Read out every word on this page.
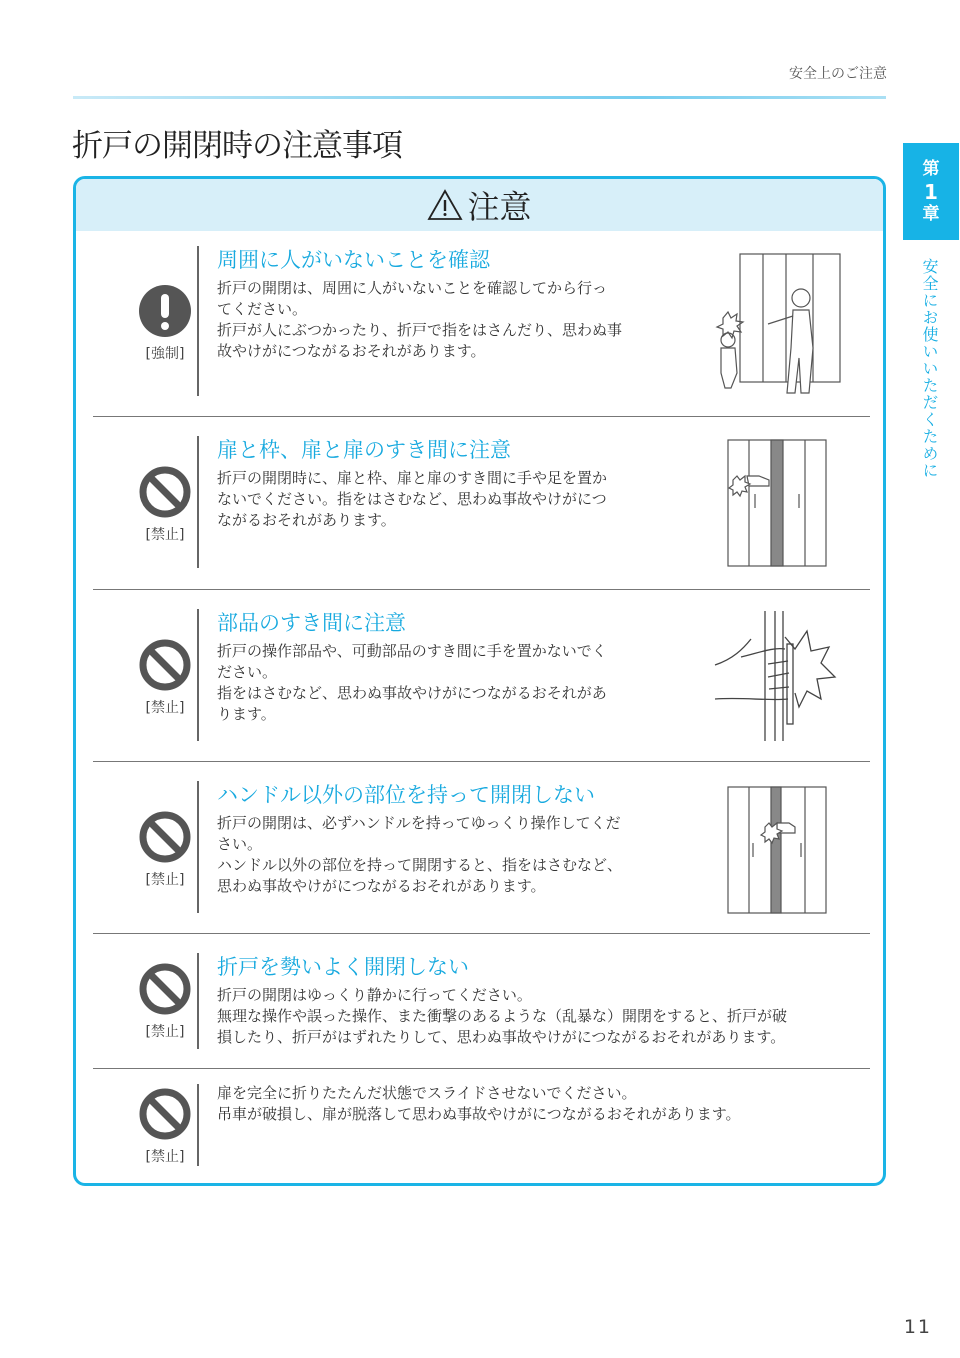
安全上のご注意
折戸の開閉時の注意事項
第
1
章
安全にお使いいただくために
注意
[強制]
周囲に人がいないことを確認
折戸の開閉は、周囲に人がいないことを確認してから行っ
てください。
折戸が人にぶつかったり、折戸で指をはさんだり、思わぬ事
故やけがにつながるおそれがあります。
[禁止]
扉と枠、扉と扉のすき間に注意
折戸の開閉時に、扉と枠、扉と扉のすき間に手や足を置か
ないでください。指をはさむなど、思わぬ事故やけがにつ
ながるおそれがあります。
[禁止]
部品のすき間に注意
折戸の操作部品や、可動部品のすき間に手を置かないでく
ださい。
指をはさむなど、思わぬ事故やけがにつながるおそれがあ
ります。
[禁止]
ハンドル以外の部位を持って開閉しない
折戸の開閉は、必ずハンドルを持ってゆっくり操作してくだ
さい。
ハンドル以外の部位を持って開閉すると、指をはさむなど、
思わぬ事故やけがにつながるおそれがあります。
[禁止]
折戸を勢いよく開閉しない
折戸の開閉はゆっくり静かに行ってください。
無理な操作や誤った操作、また衝撃のあるような（乱暴な）開閉をすると、折戸が破
損したり、折戸がはずれたりして、思わぬ事故やけがにつながるおそれがあります。
[禁止]
扉を完全に折りたたんだ状態でスライドさせないでください。
吊車が破損し、扉が脱落して思わぬ事故やけがにつながるおそれがあります。
11
